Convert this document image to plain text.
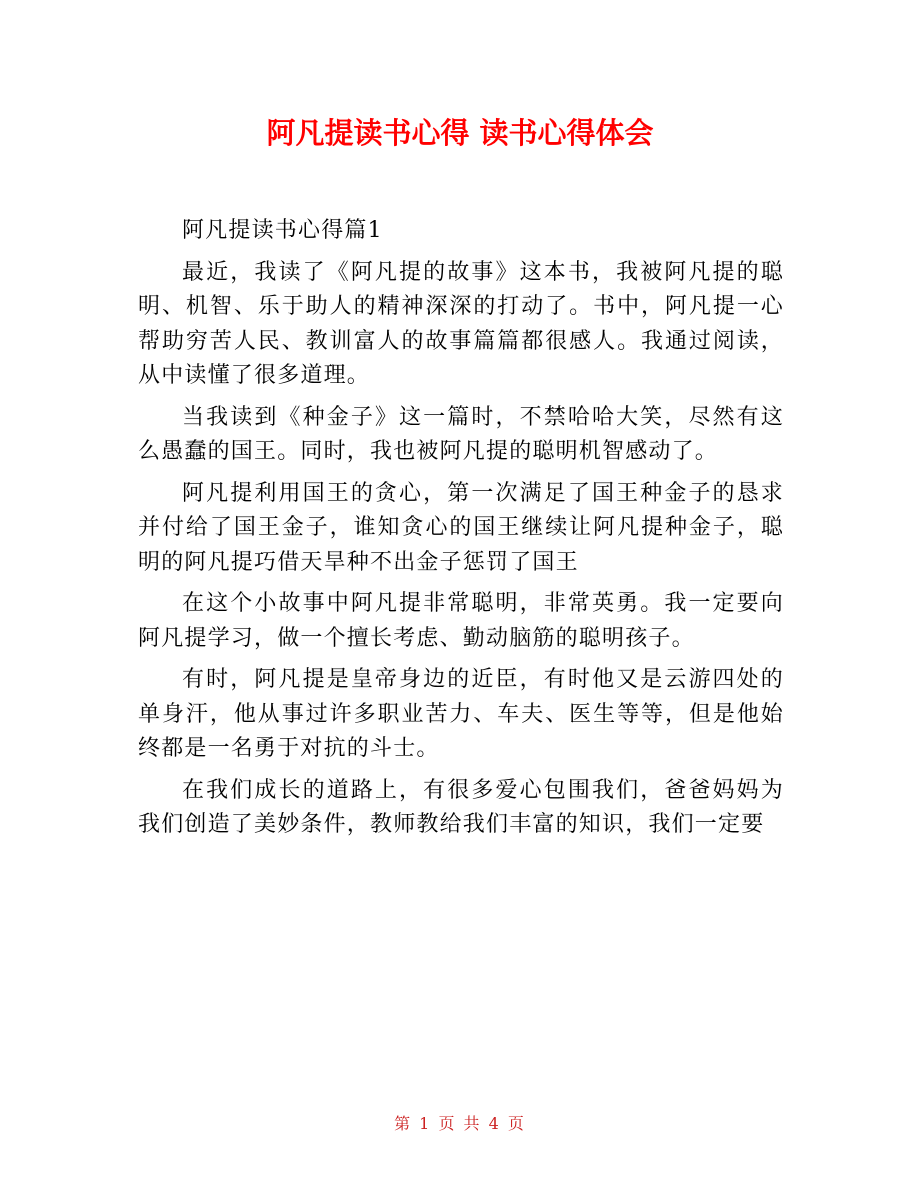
阿凡提读书心得 读书心得体会

阿凡提读书心得篇1

最近，我读了《阿凡提的故事》这本书，我被阿凡提的聪明、机智、乐于助人的精神深深的打动了。书中，阿凡提一心帮助穷苦人民、教训富人的故事篇篇都很感人。我通过阅读，从中读懂了很多道理。

当我读到《种金子》这一篇时，不禁哈哈大笑，尽然有这么愚蠢的国王。同时，我也被阿凡提的聪明机智感动了。

阿凡提利用国王的贪心，第一次满足了国王种金子的恳求并付给了国王金子，谁知贪心的国王继续让阿凡提种金子，聪明的阿凡提巧借天旱种不出金子惩罚了国王

在这个小故事中阿凡提非常聪明，非常英勇。我一定要向阿凡提学习，做一个擅长考虑、勤动脑筋的聪明孩子。

有时，阿凡提是皇帝身边的近臣，有时他又是云游四处的单身汗，他从事过许多职业苦力、车夫、医生等等，但是他始终都是一名勇于对抗的斗士。

在我们成长的道路上，有很多爱心包围我们，爸爸妈妈为我们创造了美妙条件，教师教给我们丰富的知识，我们一定要

第 1 页 共 4 页
